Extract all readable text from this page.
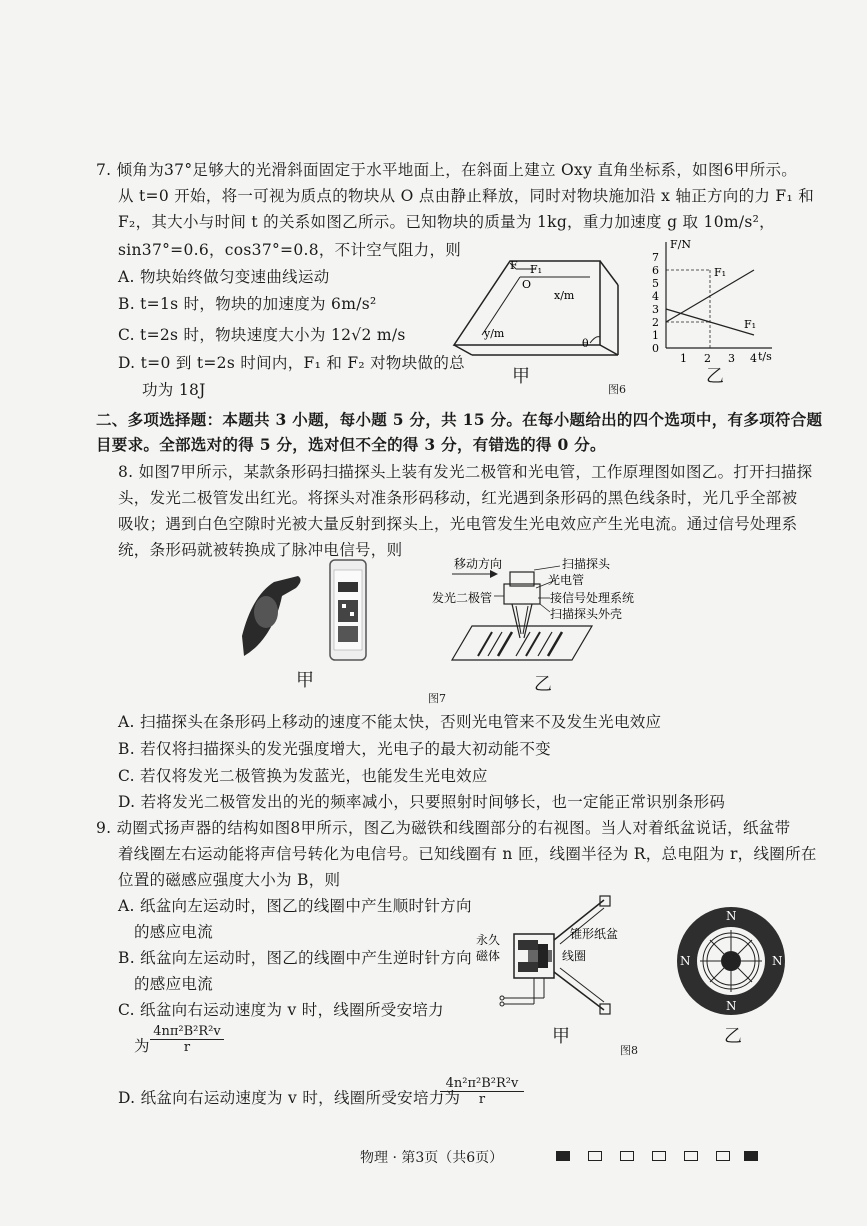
7. 倾角为37°足够大的光滑斜面固定于水平地面上，在斜面上建立 Oxy 直角坐标系，如图6甲所示。
从 t=0 开始，将一可视为质点的物块从 O 点由静止释放，同时对物块施加沿 x 轴正方向的力 F₁ 和
F₂，其大小与时间 t 的关系如图乙所示。已知物块的质量为 1kg，重力加速度 g 取 10m/s²，
sin37°=0.6，cos37°=0.8，不计空气阻力，则
A. 物块始终做匀变速曲线运动
B. t=1s 时，物块的加速度为 6m/s²
C. t=2s 时，物块速度大小为 12√2 m/s
D. t=0 到 t=2s 时间内，F₁ 和 F₂ 对物块做的总
功为 18J
F F₁
O
x/m
y/m
θ
甲
F/N
t/s
7
6
5
4
3
2
1
0
1 2 3 4
F₁
F₁
乙
图6
二、多项选择题：本题共 3 小题，每小题 5 分，共 15 分。在每小题给出的四个选项中，有多项符合题
目要求。全部选对的得 5 分，选对但不全的得 3 分，有错选的得 0 分。
8. 如图7甲所示，某款条形码扫描探头上装有发光二极管和光电管，工作原理图如图乙。打开扫描探
头，发光二极管发出红光。将探头对准条形码移动，红光遇到条形码的黑色线条时，光几乎全部被
吸收；遇到白色空隙时光被大量反射到探头上，光电管发生光电效应产生光电流。通过信号处理系
统，条形码就被转换成了脉冲电信号，则
甲
移动方向	扫描探头
光电管
发光二极管	接信号处理系统
扫描探头外壳
乙
图7
A. 扫描探头在条形码上移动的速度不能太快，否则光电管来不及发生光电效应
B. 若仅将扫描探头的发光强度增大，光电子的最大初动能不变
C. 若仅将发光二极管换为发蓝光，也能发生光电效应
D. 若将发光二极管发出的光的频率减小，只要照射时间够长，也一定能正常识别条形码
9. 动圈式扬声器的结构如图8甲所示，图乙为磁铁和线圈部分的右视图。当人对着纸盆说话，纸盆带
着线圈左右运动能将声信号转化为电信号。已知线圈有 n 匝，线圈半径为 R，总电阻为 r，线圈所在
位置的磁感应强度大小为 B，则
A. 纸盆向左运动时，图乙的线圈中产生顺时针方向
的感应电流
B. 纸盆向左运动时，图乙的线圈中产生逆时针方向
的感应电流
C. 纸盆向右运动速度为 v 时，线圈所受安培力
为 $\frac{\text{4nπ²B²R²v}}{r}$
D. 纸盆向右运动速度为 v 时，线圈所受安培力为
$\frac{\text{4n²π²B²R²v}}{r}$
永久
磁体
锥形纸盆
线圈
甲
图8
N
N
N	N
乙
物理 · 第3页（共6页）
